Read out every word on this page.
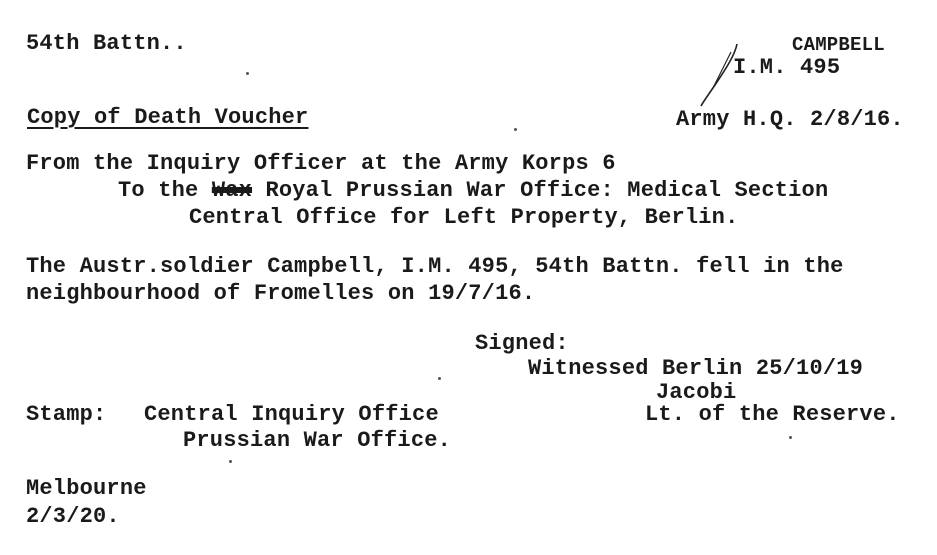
54th Battn..	CAMPBELL
I.M. 495
Copy of Death Voucher	Army H.Q. 2/8/16.
From the Inquiry Officer at the Army Korps 6
To the Wax Royal Prussian War Office: Medical Section
Central Office for Left Property, Berlin.
The Austr.soldier Campbell, I.M. 495, 54th Battn. fell in the
neighbourhood of Fromelles on 19/7/16.
Signed:
Witnessed Berlin 25/10/19
Jacobi
Lt. of the Reserve.
Stamp: Central Inquiry Office
Prussian War Office.
Melbourne
2/3/20.
